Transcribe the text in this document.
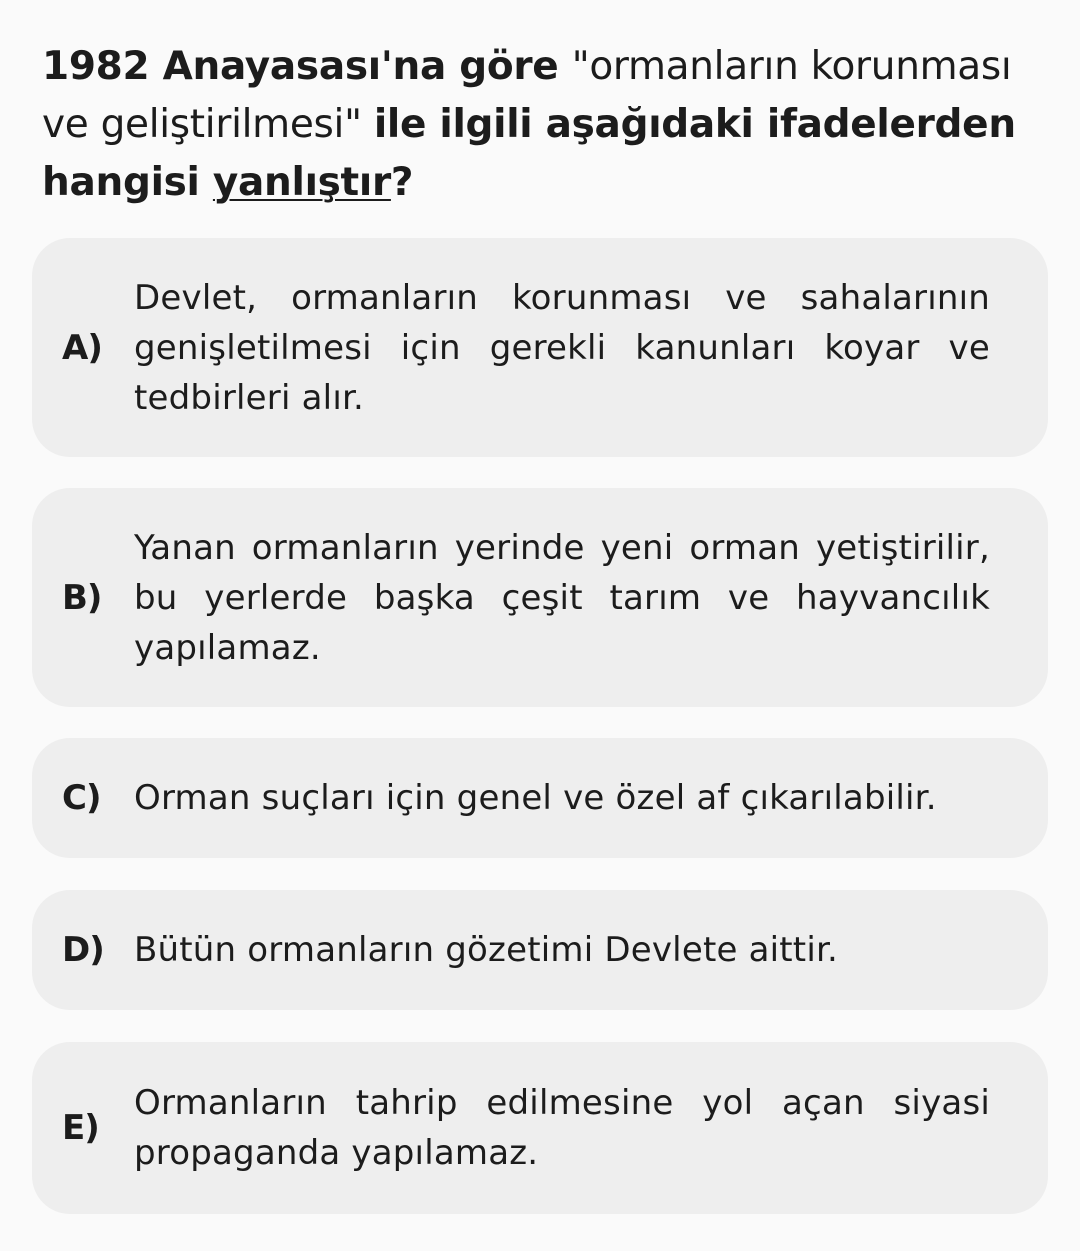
1982 Anayasası'na göre "ormanların korunması ve geliştirilmesi" ile ilgili aşağıdaki ifadelerden hangisi yanlıştır?

A)
Devlet, ormanların korunması ve sahalarının genişletilmesi için gerekli kanunları koyar ve tedbirleri alır.
B)
Yanan ormanların yerinde yeni orman yetiştirilir, bu yerlerde başka çeşit tarım ve hayvancılık yapılamaz.
C) Orman suçları için genel ve özel af çıkarılabilir.
D) Bütün ormanların gözetimi Devlete aittir.
E)
Ormanların tahrip edilmesine yol açan siyasi propaganda yapılamaz.
